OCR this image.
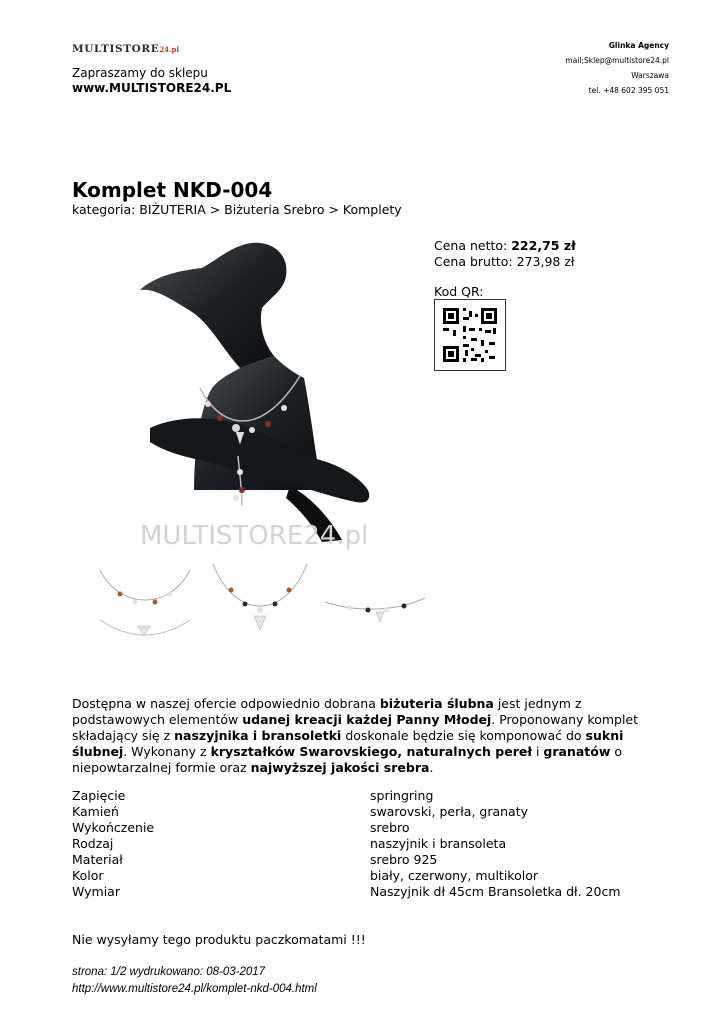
MULTISTORE24.pl
Zapraszamy do sklepu
www.MULTISTORE24.PL
Glinka Agency
mail;Sklep@multistore24.pl
Warszawa
tel. +48 602 395 051
Komplet NKD-004
kategoria: BIŻUTERIA > Biżuteria Srebro > Komplety
MULTISTORE24.pl
Cena netto: 222,75 zł
Cena brutto: 273,98 zł
Kod QR:
Dostępna w naszej ofercie odpowiednio dobrana biżuteria ślubna jest jednym z podstawowych elementów udanej kreacji każdej Panny Młodej. Proponowany komplet składający się z naszyjnika i bransoletki doskonale będzie się komponować do sukni ślubnej. Wykonany z kryształków Swarovskiego, naturalnych pereł i granatów o niepowtarzalnej formie oraz najwyższej jakości srebra.
Zapięcie	springring
Kamień	swarovski, perła, granaty
Wykończenie	srebro
Rodzaj	naszyjnik i bransoleta
Materiał	srebro 925
Kolor	biały, czerwony, multikolor
Wymiar	Naszyjnik dł 45cm Bransoletka dł. 20cm
Nie wysyłamy tego produktu paczkomatami !!!
strona: 1/2 wydrukowano: 08-03-2017
http://www.multistore24.pl/komplet-nkd-004.html
